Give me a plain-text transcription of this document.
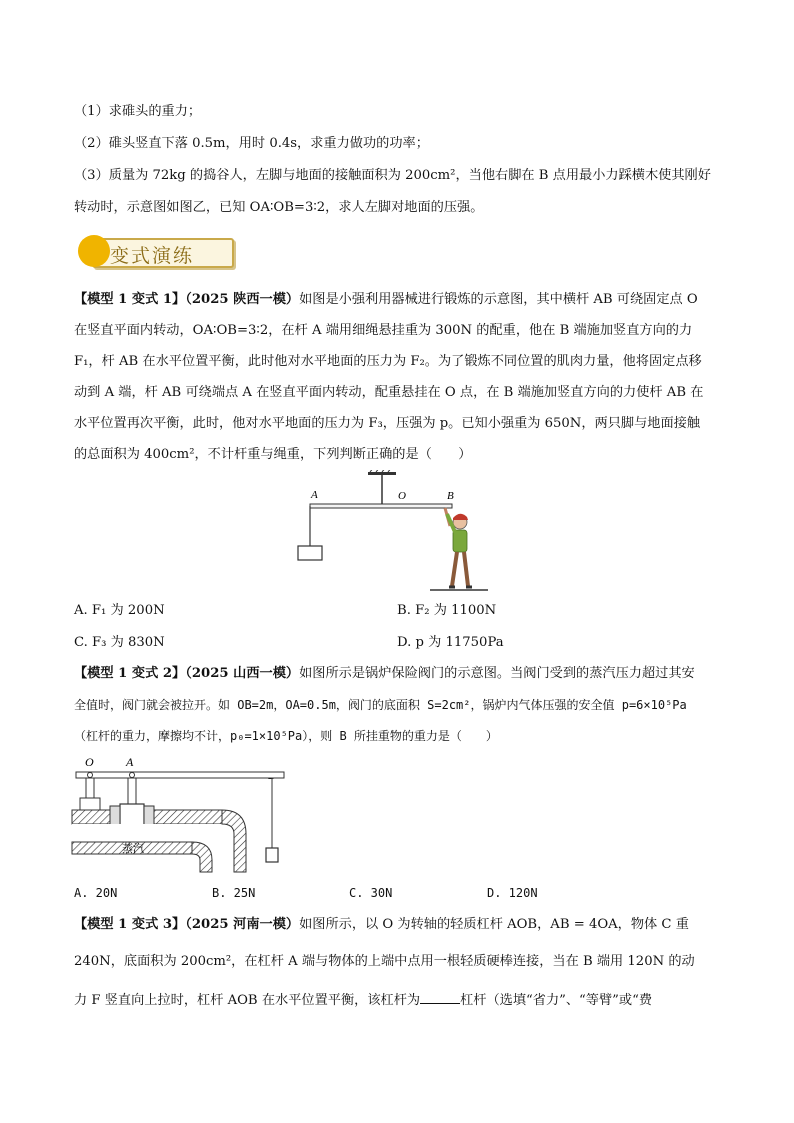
（1）求碓头的重力；
（2）碓头竖直下落 0.5m，用时 0.4s，求重力做功的功率；
（3）质量为 72kg 的捣谷人，左脚与地面的接触面积为 200cm²，当他右脚在 B 点用最小力踩横木使其刚好
转动时，示意图如图乙，已知 OA∶OB=3∶2，求人左脚对地面的压强。
变式演练
【模型 1 变式 1】（2025 陕西一模）如图是小强利用器械进行锻炼的示意图，其中横杆 AB 可绕固定点 O
在竖直平面内转动，OA∶OB=3∶2，在杆 A 端用细绳悬挂重为 300N 的配重，他在 B 端施加竖直方向的力
F₁，杆 AB 在水平位置平衡，此时他对水平地面的压力为 F₂。为了锻炼不同位置的肌肉力量，他将固定点移
动到 A 端，杆 AB 可绕端点 A 在竖直平面内转动，配重悬挂在 O 点，在 B 端施加竖直方向的力使杆 AB 在
水平位置再次平衡，此时，他对水平地面的压力为 F₃，压强为 p。已知小强重为 650N，两只脚与地面接触
的总面积为 400cm²，不计杆重与绳重，下列判断正确的是（　　）
A	O	B
A. F₁ 为 200N	B. F₂ 为 1100N
C. F₃ 为 830N	D. p 为 11750Pa
【模型 1 变式 2】（2025 山西一模）如图所示是锅炉保险阀门的示意图。当阀门受到的蒸汽压力超过其安
全值时，阀门就会被拉开。如 OB=2m，OA=0.5m，阀门的底面积 S=2cm²，锅炉内气体压强的安全值 p=6×10⁵Pa
（杠杆的重力，摩擦均不计，p₀=1×10⁵Pa），则 B 所挂重物的重力是（　　）
O	A
蒸汽
A. 20N	B. 25N	C. 30N	D. 120N
【模型 1 变式 3】（2025 河南一模）如图所示，以 O 为转轴的轻质杠杆 AOB，AB = 4OA，物体 C 重
240N，底面积为 200cm²，在杠杆 A 端与物体的上端中点用一根轻质硬棒连接，当在 B 端用 120N 的动
力 F 竖直向上拉时，杠杆 AOB 在水平位置平衡，该杠杆为	杠杆（选填“省力”、“等臂”或“费
